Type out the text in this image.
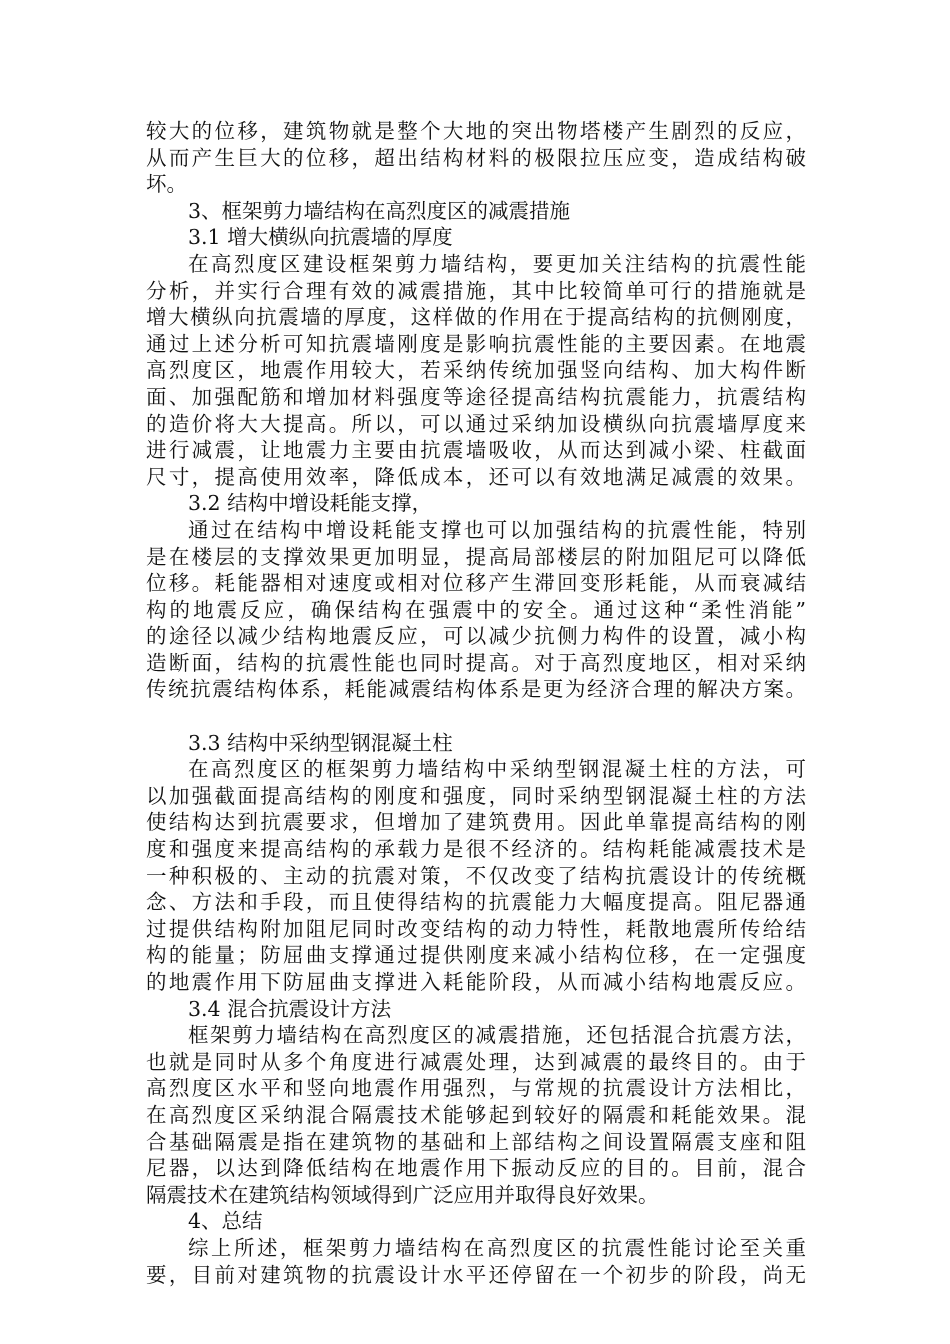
较大的位移，建筑物就是整个大地的突出物塔楼产生剧烈的反应，
从而产生巨大的位移，超出结构材料的极限拉压应变，造成结构破
坏。
3、框架剪力墙结构在高烈度区的减震措施
3.1 增大横纵向抗震墙的厚度
在高烈度区建设框架剪力墙结构，要更加关注结构的抗震性能
分析，并实行合理有效的减震措施，其中比较简单可行的措施就是
增大横纵向抗震墙的厚度，这样做的作用在于提高结构的抗侧刚度，
通过上述分析可知抗震墙刚度是影响抗震性能的主要因素。在地震
高烈度区，地震作用较大，若采纳传统加强竖向结构、加大构件断
面、加强配筋和增加材料强度等途径提高结构抗震能力，抗震结构
的造价将大大提高。所以，可以通过采纳加设横纵向抗震墙厚度来
进行减震，让地震力主要由抗震墙吸收，从而达到减小梁、柱截面
尺寸，提高使用效率，降低成本，还可以有效地满足减震的效果。
3.2 结构中增设耗能支撑，
通过在结构中增设耗能支撑也可以加强结构的抗震性能，特别
是在楼层的支撑效果更加明显，提高局部楼层的附加阻尼可以降低
位移。耗能器相对速度或相对位移产生滞回变形耗能，从而衰减结
构的地震反应，确保结构在强震中的安全。通过这种“柔性消能”
的途径以减少结构地震反应，可以减少抗侧力构件的设置，减小构
造断面，结构的抗震性能也同时提高。对于高烈度地区，相对采纳
传统抗震结构体系，耗能减震结构体系是更为经济合理的解决方案。
3.3 结构中采纳型钢混凝土柱
在高烈度区的框架剪力墙结构中采纳型钢混凝土柱的方法，可
以加强截面提高结构的刚度和强度，同时采纳型钢混凝土柱的方法
使结构达到抗震要求，但增加了建筑费用。因此单靠提高结构的刚
度和强度来提高结构的承载力是很不经济的。结构耗能减震技术是
一种积极的、主动的抗震对策，不仅改变了结构抗震设计的传统概
念、方法和手段，而且使得结构的抗震能力大幅度提高。阻尼器通
过提供结构附加阻尼同时改变结构的动力特性，耗散地震所传给结
构的能量；防屈曲支撑通过提供刚度来减小结构位移，在一定强度
的地震作用下防屈曲支撑进入耗能阶段，从而减小结构地震反应。
3.4 混合抗震设计方法
框架剪力墙结构在高烈度区的减震措施，还包括混合抗震方法，
也就是同时从多个角度进行减震处理，达到减震的最终目的。由于
高烈度区水平和竖向地震作用强烈，与常规的抗震设计方法相比，
在高烈度区采纳混合隔震技术能够起到较好的隔震和耗能效果。混
合基础隔震是指在建筑物的基础和上部结构之间设置隔震支座和阻
尼器，以达到降低结构在地震作用下振动反应的目的。目前，混合
隔震技术在建筑结构领域得到广泛应用并取得良好效果。
4、总结
综上所述，框架剪力墙结构在高烈度区的抗震性能讨论至关重
要，目前对建筑物的抗震设计水平还停留在一个初步的阶段，尚无
